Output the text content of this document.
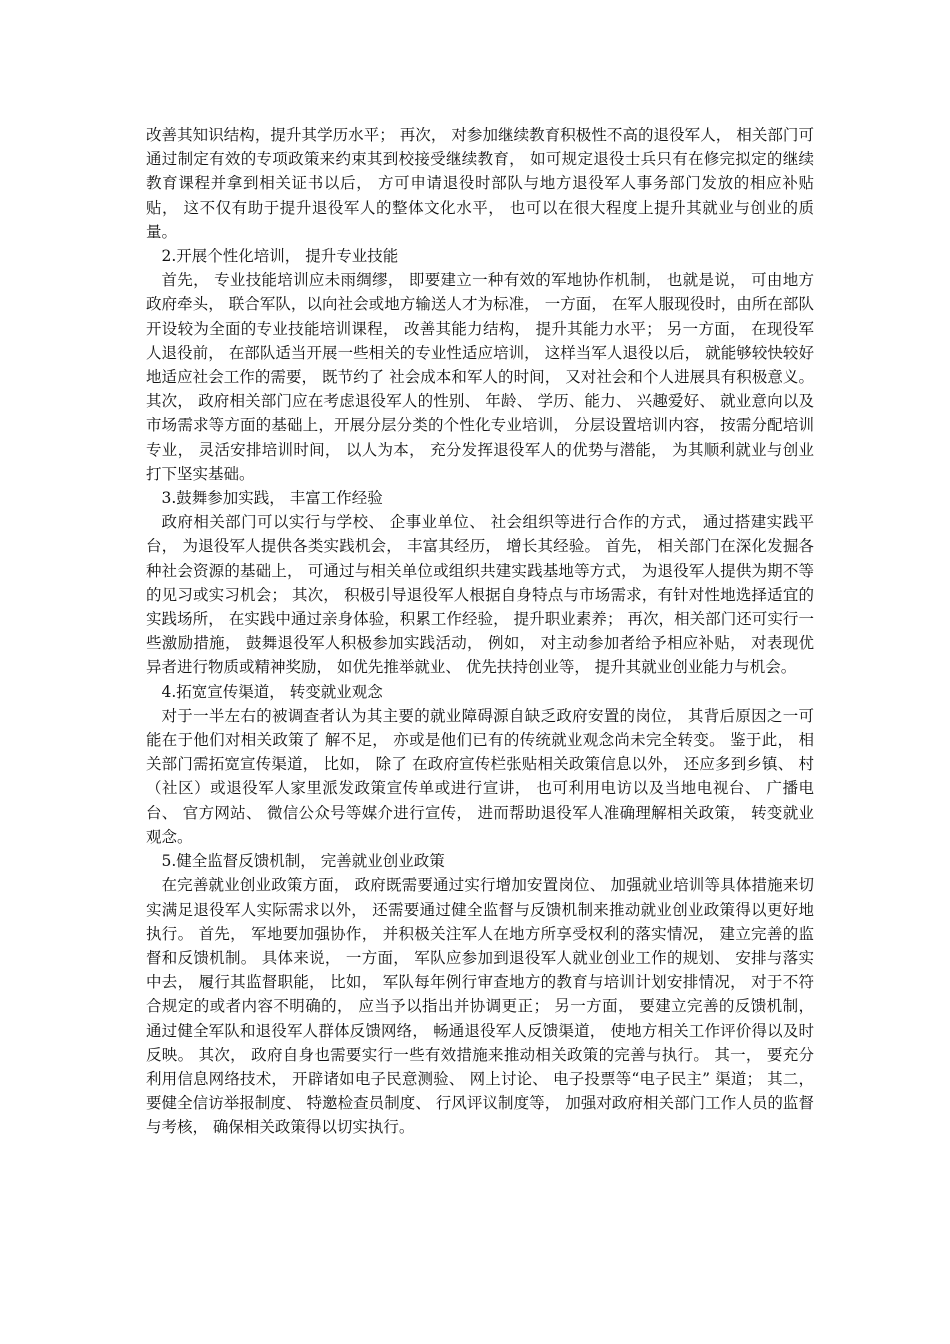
改善其知识结构，提升其学历水平； 再次， 对参加继续教育积极性不高的退役军人， 相关部门可通过制定有效的专项政策来约束其到校接受继续教育， 如可规定退役士兵只有在修完拟定的继续教育课程并拿到相关证书以后， 方可申请退役时部队与地方退役军人事务部门发放的相应补贴贴， 这不仅有助于提升退役军人的整体文化水平， 也可以在很大程度上提升其就业与创业的质量。

2.开展个性化培训， 提升专业技能

首先， 专业技能培训应未雨绸缪， 即要建立一种有效的军地协作机制， 也就是说， 可由地方政府牵头， 联合军队，以向社会或地方输送人才为标准， 一方面， 在军人服现役时，由所在部队开设较为全面的专业技能培训课程， 改善其能力结构， 提升其能力水平； 另一方面， 在现役军人退役前， 在部队适当开展一些相关的专业性适应培训， 这样当军人退役以后， 就能够较快较好地适应社会工作的需要， 既节约了 社会成本和军人的时间， 又对社会和个人进展具有积极意义。其次， 政府相关部门应在考虑退役军人的性别、 年龄、 学历、能力、 兴趣爱好、 就业意向以及市场需求等方面的基础上，开展分层分类的个性化专业培训， 分层设置培训内容， 按需分配培训专业， 灵活安排培训时间， 以人为本， 充分发挥退役军人的优势与潜能， 为其顺利就业与创业打下坚实基础。

3.鼓舞参加实践， 丰富工作经验

政府相关部门可以实行与学校、 企事业单位、 社会组织等进行合作的方式， 通过搭建实践平台， 为退役军人提供各类实践机会， 丰富其经历， 增长其经验。 首先， 相关部门在深化发掘各种社会资源的基础上， 可通过与相关单位或组织共建实践基地等方式， 为退役军人提供为期不等的见习或实习机会； 其次， 积极引导退役军人根据自身特点与市场需求，有针对性地选择适宜的实践场所， 在实践中通过亲身体验，积累工作经验， 提升职业素养； 再次，相关部门还可实行一些激励措施， 鼓舞退役军人积极参加实践活动， 例如， 对主动参加者给予相应补贴， 对表现优异者进行物质或精神奖励， 如优先推举就业、 优先扶持创业等， 提升其就业创业能力与机会。

4.拓宽宣传渠道， 转变就业观念

对于一半左右的被调查者认为其主要的就业障碍源自缺乏政府安置的岗位， 其背后原因之一可能在于他们对相关政策了 解不足， 亦或是他们已有的传统就业观念尚未完全转变。 鉴于此， 相关部门需拓宽宣传渠道， 比如， 除了 在政府宣传栏张贴相关政策信息以外， 还应多到乡镇、 村（社区）或退役军人家里派发政策宣传单或进行宣讲， 也可利用电访以及当地电视台、 广播电台、 官方网站、 微信公众号等媒介进行宣传， 进而帮助退役军人准确理解相关政策， 转变就业观念。

5.健全监督反馈机制， 完善就业创业政策

在完善就业创业政策方面， 政府既需要通过实行增加安置岗位、 加强就业培训等具体措施来切实满足退役军人实际需求以外， 还需要通过健全监督与反馈机制来推动就业创业政策得以更好地执行。 首先， 军地要加强协作， 并积极关注军人在地方所享受权利的落实情况， 建立完善的监督和反馈机制。 具体来说， 一方面， 军队应参加到退役军人就业创业工作的规划、 安排与落实中去， 履行其监督职能， 比如， 军队每年例行审查地方的教育与培训计划安排情况， 对于不符合规定的或者内容不明确的， 应当予以指出并协调更正； 另一方面， 要建立完善的反馈机制， 通过健全军队和退役军人群体反馈网络， 畅通退役军人反馈渠道， 使地方相关工作评价得以及时反映。 其次， 政府自身也需要实行一些有效措施来推动相关政策的完善与执行。 其一， 要充分利用信息网络技术， 开辟诸如电子民意测验、 网上讨论、 电子投票等“电子民主” 渠道； 其二， 要健全信访举报制度、 特邀检查员制度、 行风评议制度等， 加强对政府相关部门工作人员的监督与考核， 确保相关政策得以切实执行。
